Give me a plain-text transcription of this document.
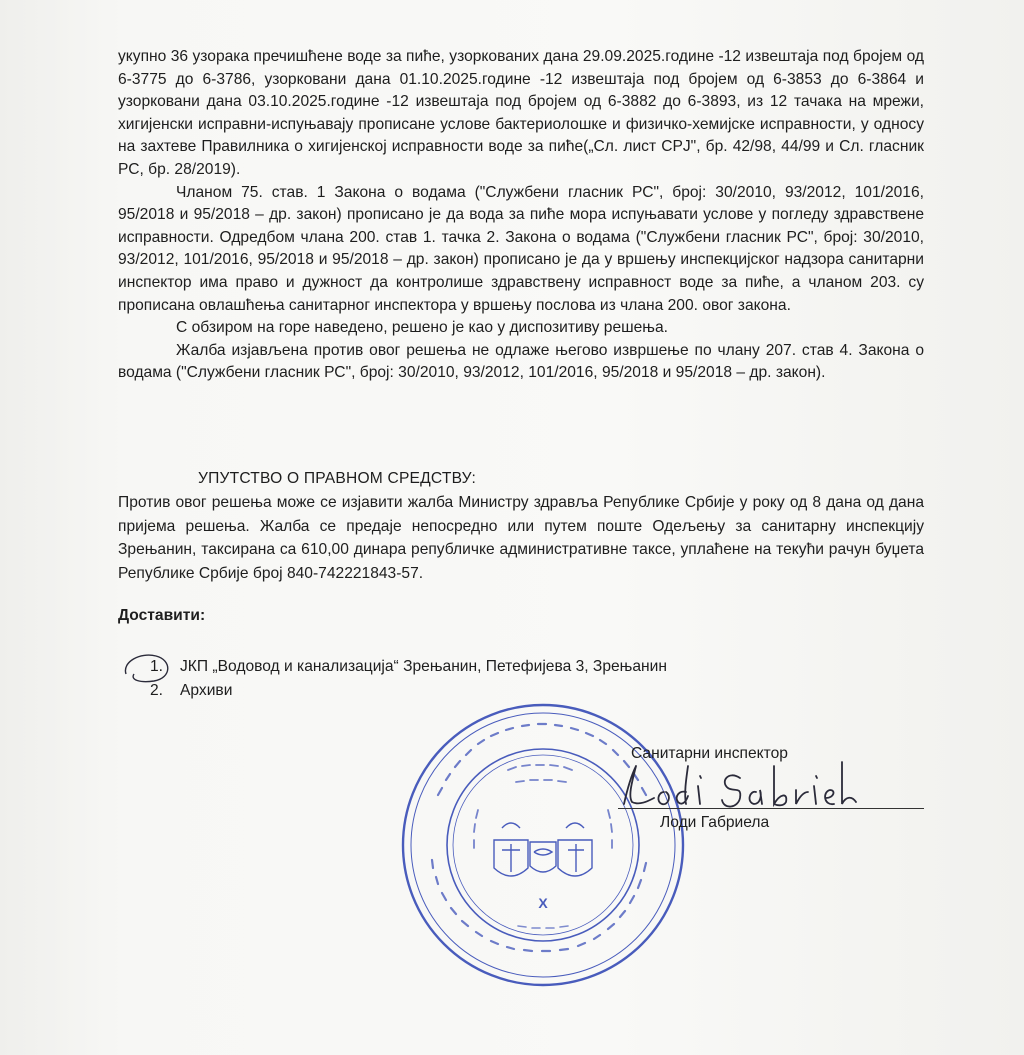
укупно 36 узорака пречишћене воде за пиће, узоркованих дана 29.09.2025.године -12 извештаја под бројем од 6-3775 до 6-3786, узорковани дана 01.10.2025.године -12 извештаја под бројем од 6-3853 до 6-3864 и узорковани дана 03.10.2025.године -12 извештаја под бројем од 6-3882 до 6-3893, из 12 тачака на мрежи, хигијенски исправни-испуњавају прописане услове бактериолошке и физичко-хемијске исправности, у односу на захтеве Правилника о хигијенској исправности воде за пиће(„Сл. лист СРЈ", бр. 42/98, 44/99 и Сл. гласник РС, бр. 28/2019).

Чланом 75. став. 1 Закона о водама ("Службени гласник РС", број: 30/2010, 93/2012, 101/2016, 95/2018 и 95/2018 – др. закон) прописано је да вода за пиће мора испуњавати услове у погледу здравствене исправности. Одредбом члана 200. став 1. тачка 2. Закона о водама ("Службени гласник РС", број: 30/2010, 93/2012, 101/2016, 95/2018 и 95/2018 – др. закон) прописано је да у вршењу инспекцијског надзора санитарни инспектор има право и дужност да контролише здравствену исправност воде за пиће, а чланом 203. су прописана овлашћења санитарног инспектора у вршењу послова из члана 200. овог закона.

С обзиром на горе наведено, решено је као у диспозитиву решења.

Жалба изјављена против овог решења не одлаже његово извршење по члану 207. став 4. Закона о водама ("Службени гласник РС", број: 30/2010, 93/2012, 101/2016, 95/2018 и 95/2018 – др. закон).

УПУТСТВО О ПРАВНОМ СРЕДСТВУ:
Против овог решења може се изјавити жалба Министру здравља Републике Србије у року од 8 дана од дана пријема решења. Жалба се предаје непосредно или путем поште Одељењу за санитарну инспекцију Зрењанин, таксирана са 610,00 динара републичке административне таксе, уплаћене на текући рачун буџета Републике Србије број 840-742221843-57.
Доставити:
1. ЈКП „Водовод и канализација“ Зрењанин, Петефијева 3, Зрењанин
2. Архиви
X
Санитарни инспектор
Лоди Габриела
